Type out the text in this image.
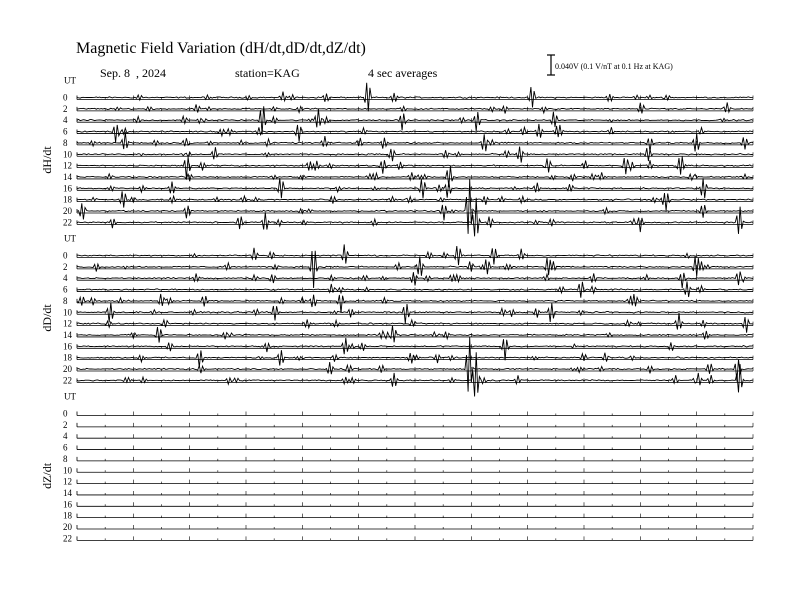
Magnetic Field Variation (dH/dt,dD/dt,dZ/dt)
Sep. 8  , 2024	station=KAG	4 sec averages	0.040V (0.1 V/nT at 0.1 Hz at KAG)
UT
dH/dt
0
2
4
6
8
10
12
14
16
18
20
22
UT
dD/dt
0
2
4
6
8
10
12
14
16
18
20
22
UT
dZ/dt
0
2
4
6
8
10
12
14
16
18
20
22
